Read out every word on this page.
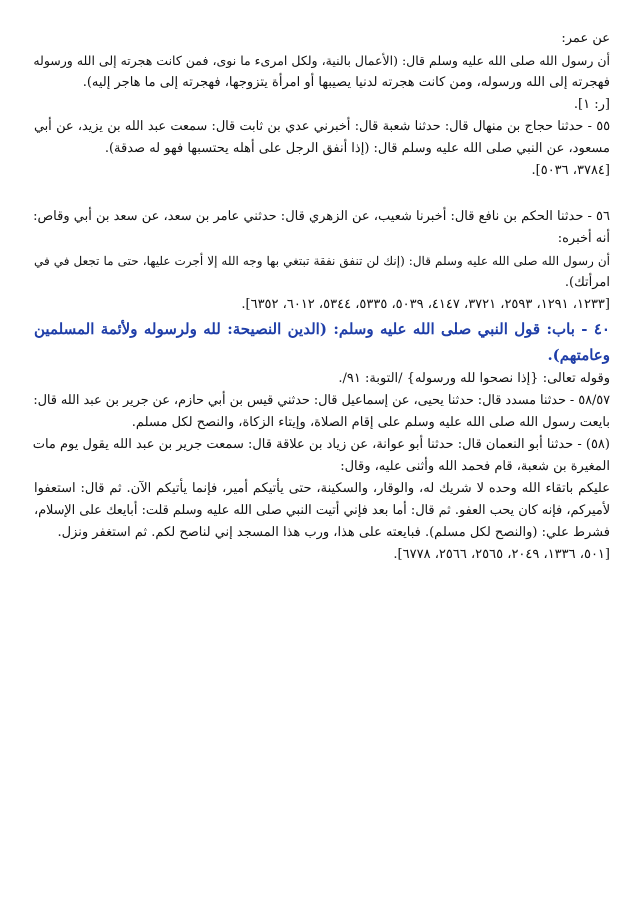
عن عمر:
أن رسول الله صلى الله عليه وسلم قال: (الأعمال بالنية، ولكل امرىء ما نوى، فمن كانت هجرته إلى الله ورسوله
فهجرته إلى الله ورسوله، ومن كانت هجرته لدنيا يصيبها أو امرأة يتزوجها، فهجرته إلى ما هاجر إليه).
[ر: ١].
٥٥ - حدثنا حجاج بن منهال قال: حدثنا شعبة قال: أخبرني عدي بن ثابت قال: سمعت عبد الله بن يزيد، عن أبي
مسعود، عن النبي صلى الله عليه وسلم قال: (إذا أنفق الرجل على أهله يحتسبها فهو له صدقة).
[٣٧٨٤، ٥٠٣٦].
٥٦ - حدثنا الحكم بن نافع قال: أخبرنا شعيب، عن الزهري قال: حدثني عامر بن سعد، عن سعد بن أبي وقاص:
أنه أخبره:
أن رسول الله صلى الله عليه وسلم قال: (إنك لن تنفق نفقة تبتغي بها وجه الله إلا أجرت عليها، حتى ما تجعل في في
امرأتك).
[١٢٣٣، ١٢٩١، ٢٥٩٣، ٣٧٢١، ٤١٤٧، ٥٠٣٩، ٥٣٣٥، ٥٣٤٤، ٦٠١٢، ٦٣٥٢].
٤٠ - باب: قول النبي صلى الله عليه وسلم: (الدين النصيحة: لله ولرسوله ولأئمة المسلمين
وعامتهم).
وقوله تعالى: {إذا نصحوا لله ورسوله} /التوبة: ٩١/.
٥٨/٥٧ - حدثنا مسدد قال: حدثنا يحيى، عن إسماعيل قال: حدثني قيس بن أبي حازم، عن جرير بن عبد الله قال:
بايعت رسول الله صلى الله عليه وسلم على إقام الصلاة، وإيتاء الزكاة، والنصح لكل مسلم.
(٥٨) - حدثنا أبو النعمان قال: حدثنا أبو عوانة، عن زياد بن علاقة قال: سمعت جرير بن عبد الله يقول يوم مات
المغيرة بن شعبة، قام فحمد الله وأثنى عليه، وقال:
عليكم باتقاء الله وحده لا شريك له، والوقار، والسكينة، حتى يأتيكم أمير، فإنما يأتيكم الآن. ثم قال: استعفوا
لأميركم، فإنه كان يحب العفو. ثم قال: أما بعد فإني أتيت النبي صلى الله عليه وسلم قلت: أبايعك على الإسلام،
فشرط علي: (والنصح لكل مسلم). فبايعته على هذا، ورب هذا المسجد إني لناصح لكم. ثم استغفر ونزل.
[٥٠١، ١٣٣٦، ٢٠٤٩، ٢٥٦٥، ٢٥٦٦، ٦٧٧٨].
